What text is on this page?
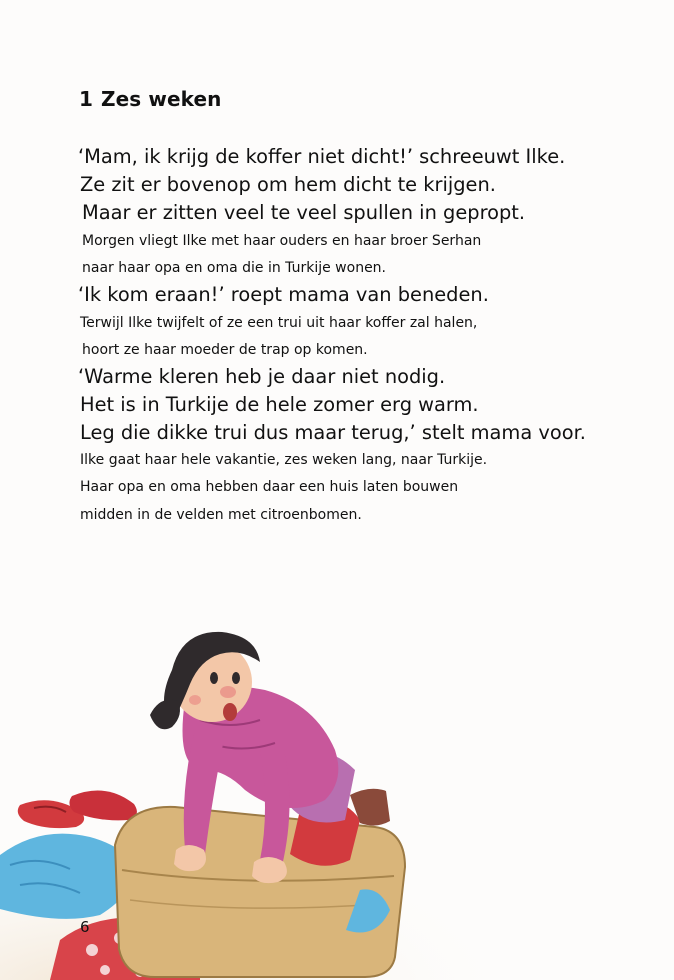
1 Zes weken
‘Mam, ik krijg de koffer niet dicht!’ schreeuwt Ilke.
Ze zit er bovenop om hem dicht te krijgen.
Maar er zitten veel te veel spullen in gepropt.
Morgen vliegt Ilke met haar ouders en haar broer Serhan
naar haar opa en oma die in Turkije wonen.
‘Ik kom eraan!’ roept mama van beneden.
Terwijl Ilke twijfelt of ze een trui uit haar koffer zal halen,
hoort ze haar moeder de trap op komen.
‘Warme kleren heb je daar niet nodig.
Het is in Turkije de hele zomer erg warm.
Leg die dikke trui dus maar terug,’ stelt mama voor.
Ilke gaat haar hele vakantie, zes weken lang, naar Turkije.
Haar opa en oma hebben daar een huis laten bouwen
midden in de velden met citroenbomen.
6
